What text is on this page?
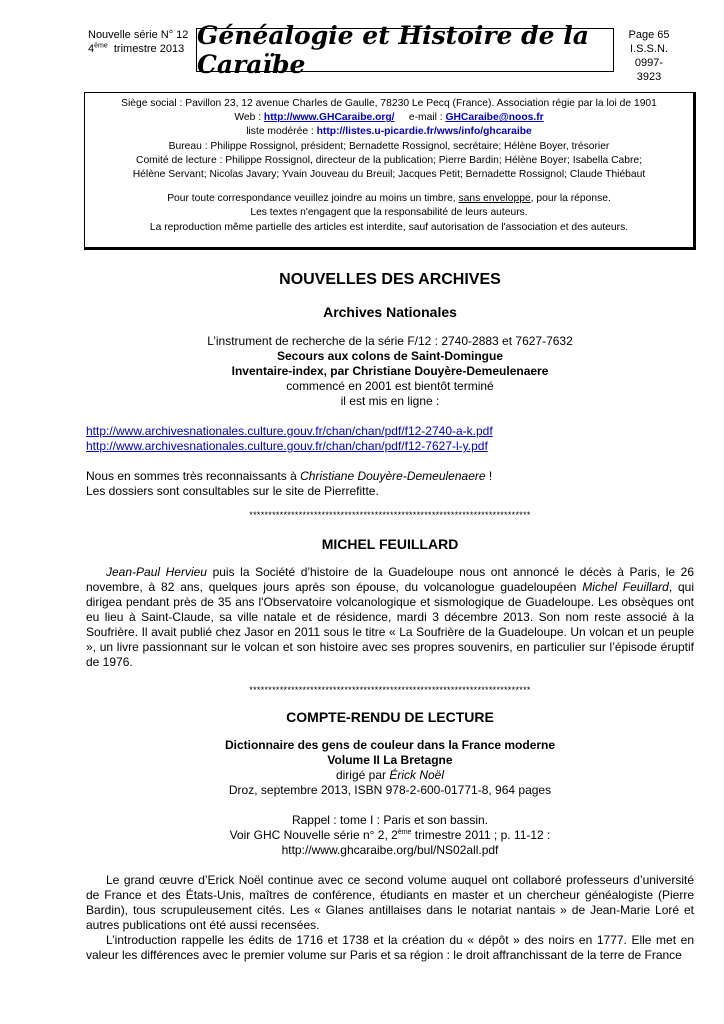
Nouvelle série N° 12
4ème trimestre 2013 Généalogie et Histoire de la Caraïbe
Page 65
I.S.S.N.
0997-3923
Siège social : Pavillon 23, 12 avenue Charles de Gaulle, 78230 Le Pecq (France). Association régie par la loi de 1901
Web : http://www.GHCaraibe.org/ e-mail : GHCaraibe@noos.fr
liste modérée : http://listes.u-picardie.fr/wws/info/ghcaraibe
Bureau : Philippe Rossignol, président; Bernadette Rossignol, secrétaire; Hélène Boyer, trésorier
Comité de lecture : Philippe Rossignol, directeur de la publication; Pierre Bardin; Hélène Boyer; Isabella Cabre;
Hélène Servant; Nicolas Javary; Yvain Jouveau du Breuil; Jacques Petit; Bernadette Rossignol; Claude Thiébaut
Pour toute correspondance veuillez joindre au moins un timbre, sans enveloppe, pour la réponse.
Les textes n'engagent que la responsabilité de leurs auteurs.
La reproduction même partielle des articles est interdite, sauf autorisation de l'association et des auteurs.
NOUVELLES DES ARCHIVES
Archives Nationales
L’instrument de recherche de la série F/12 : 2740-2883 et 7627-7632
Secours aux colons de Saint-Domingue
Inventaire-index, par Christiane Douyère-Demeulenaere
commencé en 2001 est bientôt terminé
il est mis en ligne :
http://www.archivesnationales.culture.gouv.fr/chan/chan/pdf/f12-2740-a-k.pdf
http://www.archivesnationales.culture.gouv.fr/chan/chan/pdf/f12-7627-l-y.pdf
Nous en sommes très reconnaissants à Christiane Douyère-Demeulenaere !
Les dossiers sont consultables sur le site de Pierrefitte.
**************************************************************************
MICHEL FEUILLARD
Jean-Paul Hervieu puis la Société d’histoire de la Guadeloupe nous ont annoncé le décès à Paris, le 26 novembre, à 82 ans, quelques jours après son épouse, du volcanologue guadeloupéen Michel Feuillard, qui dirigea pendant près de 35 ans l'Observatoire volcanologique et sismologique de Guadeloupe. Les obsèques ont eu lieu à Saint-Claude, sa ville natale et de résidence, mardi 3 décembre 2013. Son nom reste associé à la Soufrière. Il avait publié chez Jasor en 2011 sous le titre « La Soufrière de la Guadeloupe. Un volcan et un peuple », un livre passionnant sur le volcan et son histoire avec ses propres souvenirs, en particulier sur l’épisode éruptif de 1976.
**************************************************************************
COMPTE-RENDU DE LECTURE
Dictionnaire des gens de couleur dans la France moderne
Volume II La Bretagne
dirigé par Érick Noël
Droz, septembre 2013, ISBN 978-2-600-01771-8, 964 pages
Rappel : tome I : Paris et son bassin.
Voir GHC Nouvelle série n° 2, 2ème trimestre 2011 ; p. 11-12 :
http://www.ghcaraibe.org/bul/NS02all.pdf
Le grand œuvre d’Erick Noël continue avec ce second volume auquel ont collaboré professeurs d’université de France et des États-Unis, maîtres de conférence, étudiants en master et un chercheur généalogiste (Pierre Bardin), tous scrupuleusement cités. Les « Glanes antillaises dans le notariat nantais » de Jean-Marie Loré et autres publications ont été aussi recensées.
L’introduction rappelle les édits de 1716 et 1738 et la création du « dépôt » des noirs en 1777. Elle met en valeur les différences avec le premier volume sur Paris et sa région : le droit affranchissant de la terre de France
